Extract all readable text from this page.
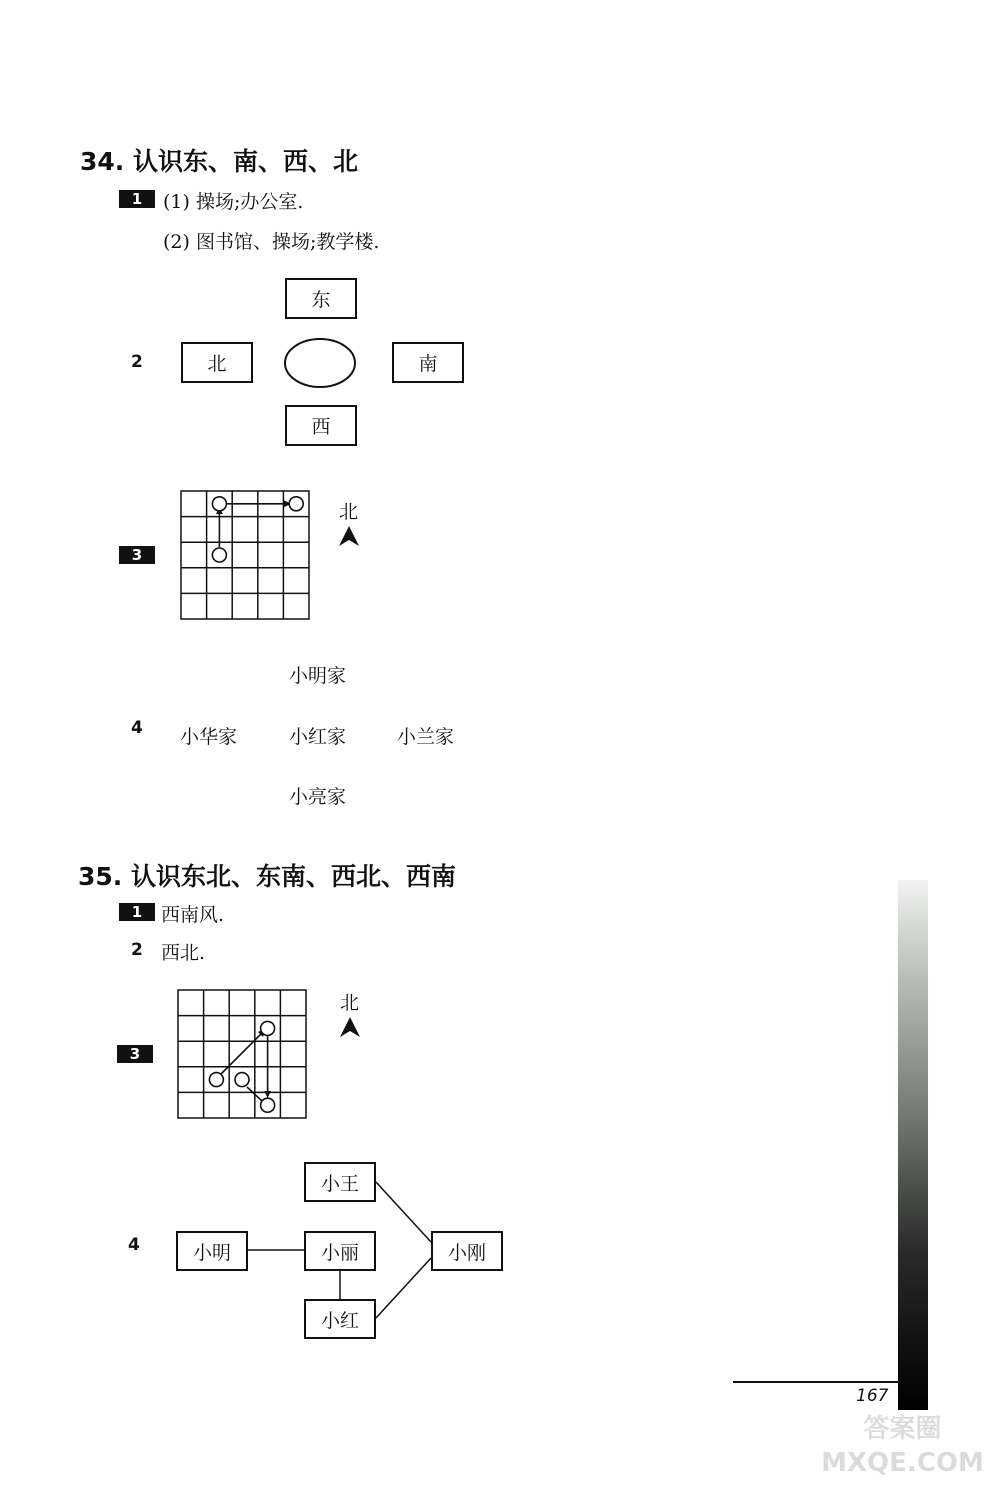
34. 认识东、南、西、北
1	(1) 操场;办公室.
(2) 图书馆、操场;教学楼.
2
东
北	南
西
3
北
4
小明家
小华家	小红家	小兰家
小亮家
35. 认识东北、东南、西北、西南
1 西南风.
2 西北.
3
北
4
小王
小明	小丽	小刚
小红
167
答案圈 MXQE.COM
